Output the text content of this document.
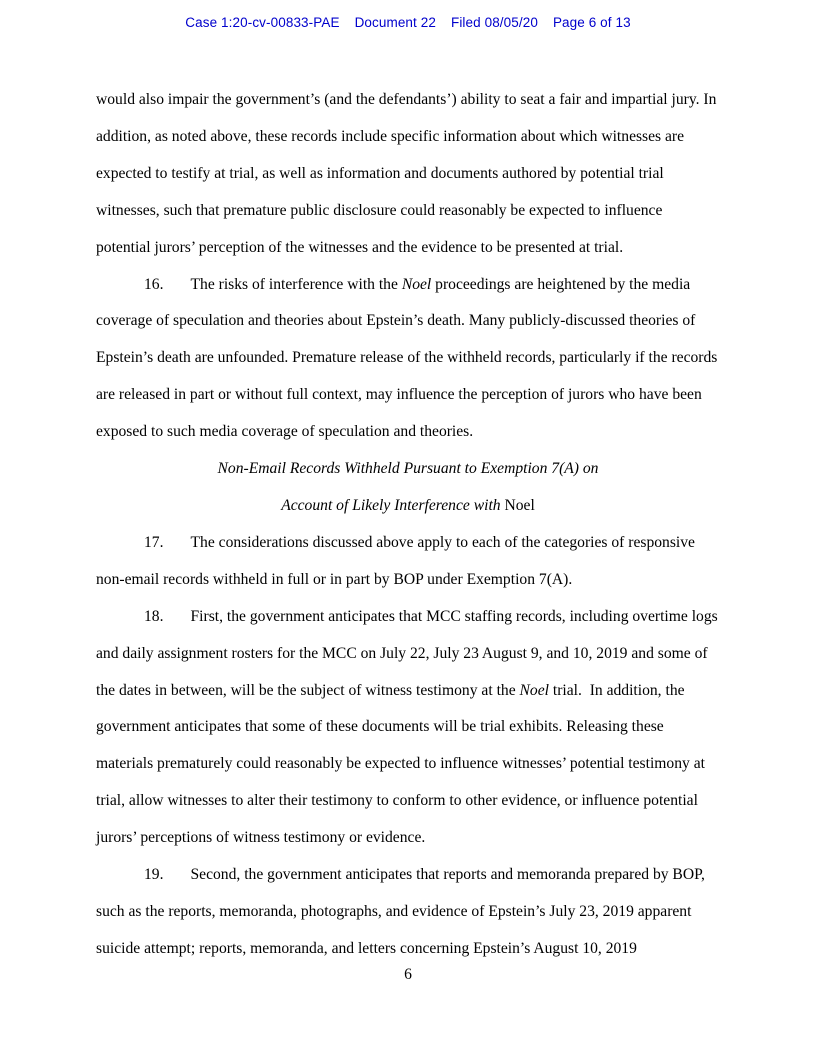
Case 1:20-cv-00833-PAE Document 22 Filed 08/05/20 Page 6 of 13

would also impair the government’s (and the defendants’) ability to seat a fair and impartial jury. In addition, as noted above, these records include specific information about which witnesses are expected to testify at trial, as well as information and documents authored by potential trial witnesses, such that premature public disclosure could reasonably be expected to influence potential jurors’ perception of the witnesses and the evidence to be presented at trial.

16. The risks of interference with the Noel proceedings are heightened by the media coverage of speculation and theories about Epstein’s death. Many publicly-discussed theories of Epstein’s death are unfounded. Premature release of the withheld records, particularly if the records are released in part or without full context, may influence the perception of jurors who have been exposed to such media coverage of speculation and theories.

Non-Email Records Withheld Pursuant to Exemption 7(A) on

Account of Likely Interference with Noel

17. The considerations discussed above apply to each of the categories of responsive non-email records withheld in full or in part by BOP under Exemption 7(A).

18. First, the government anticipates that MCC staffing records, including overtime logs and daily assignment rosters for the MCC on July 22, July 23 August 9, and 10, 2019 and some of the dates in between, will be the subject of witness testimony at the Noel trial.  In addition, the government anticipates that some of these documents will be trial exhibits. Releasing these materials prematurely could reasonably be expected to influence witnesses’ potential testimony at trial, allow witnesses to alter their testimony to conform to other evidence, or influence potential jurors’ perceptions of witness testimony or evidence.

19. Second, the government anticipates that reports and memoranda prepared by BOP, such as the reports, memoranda, photographs, and evidence of Epstein’s July 23, 2019 apparent suicide attempt; reports, memoranda, and letters concerning Epstein’s August 10, 2019

6
